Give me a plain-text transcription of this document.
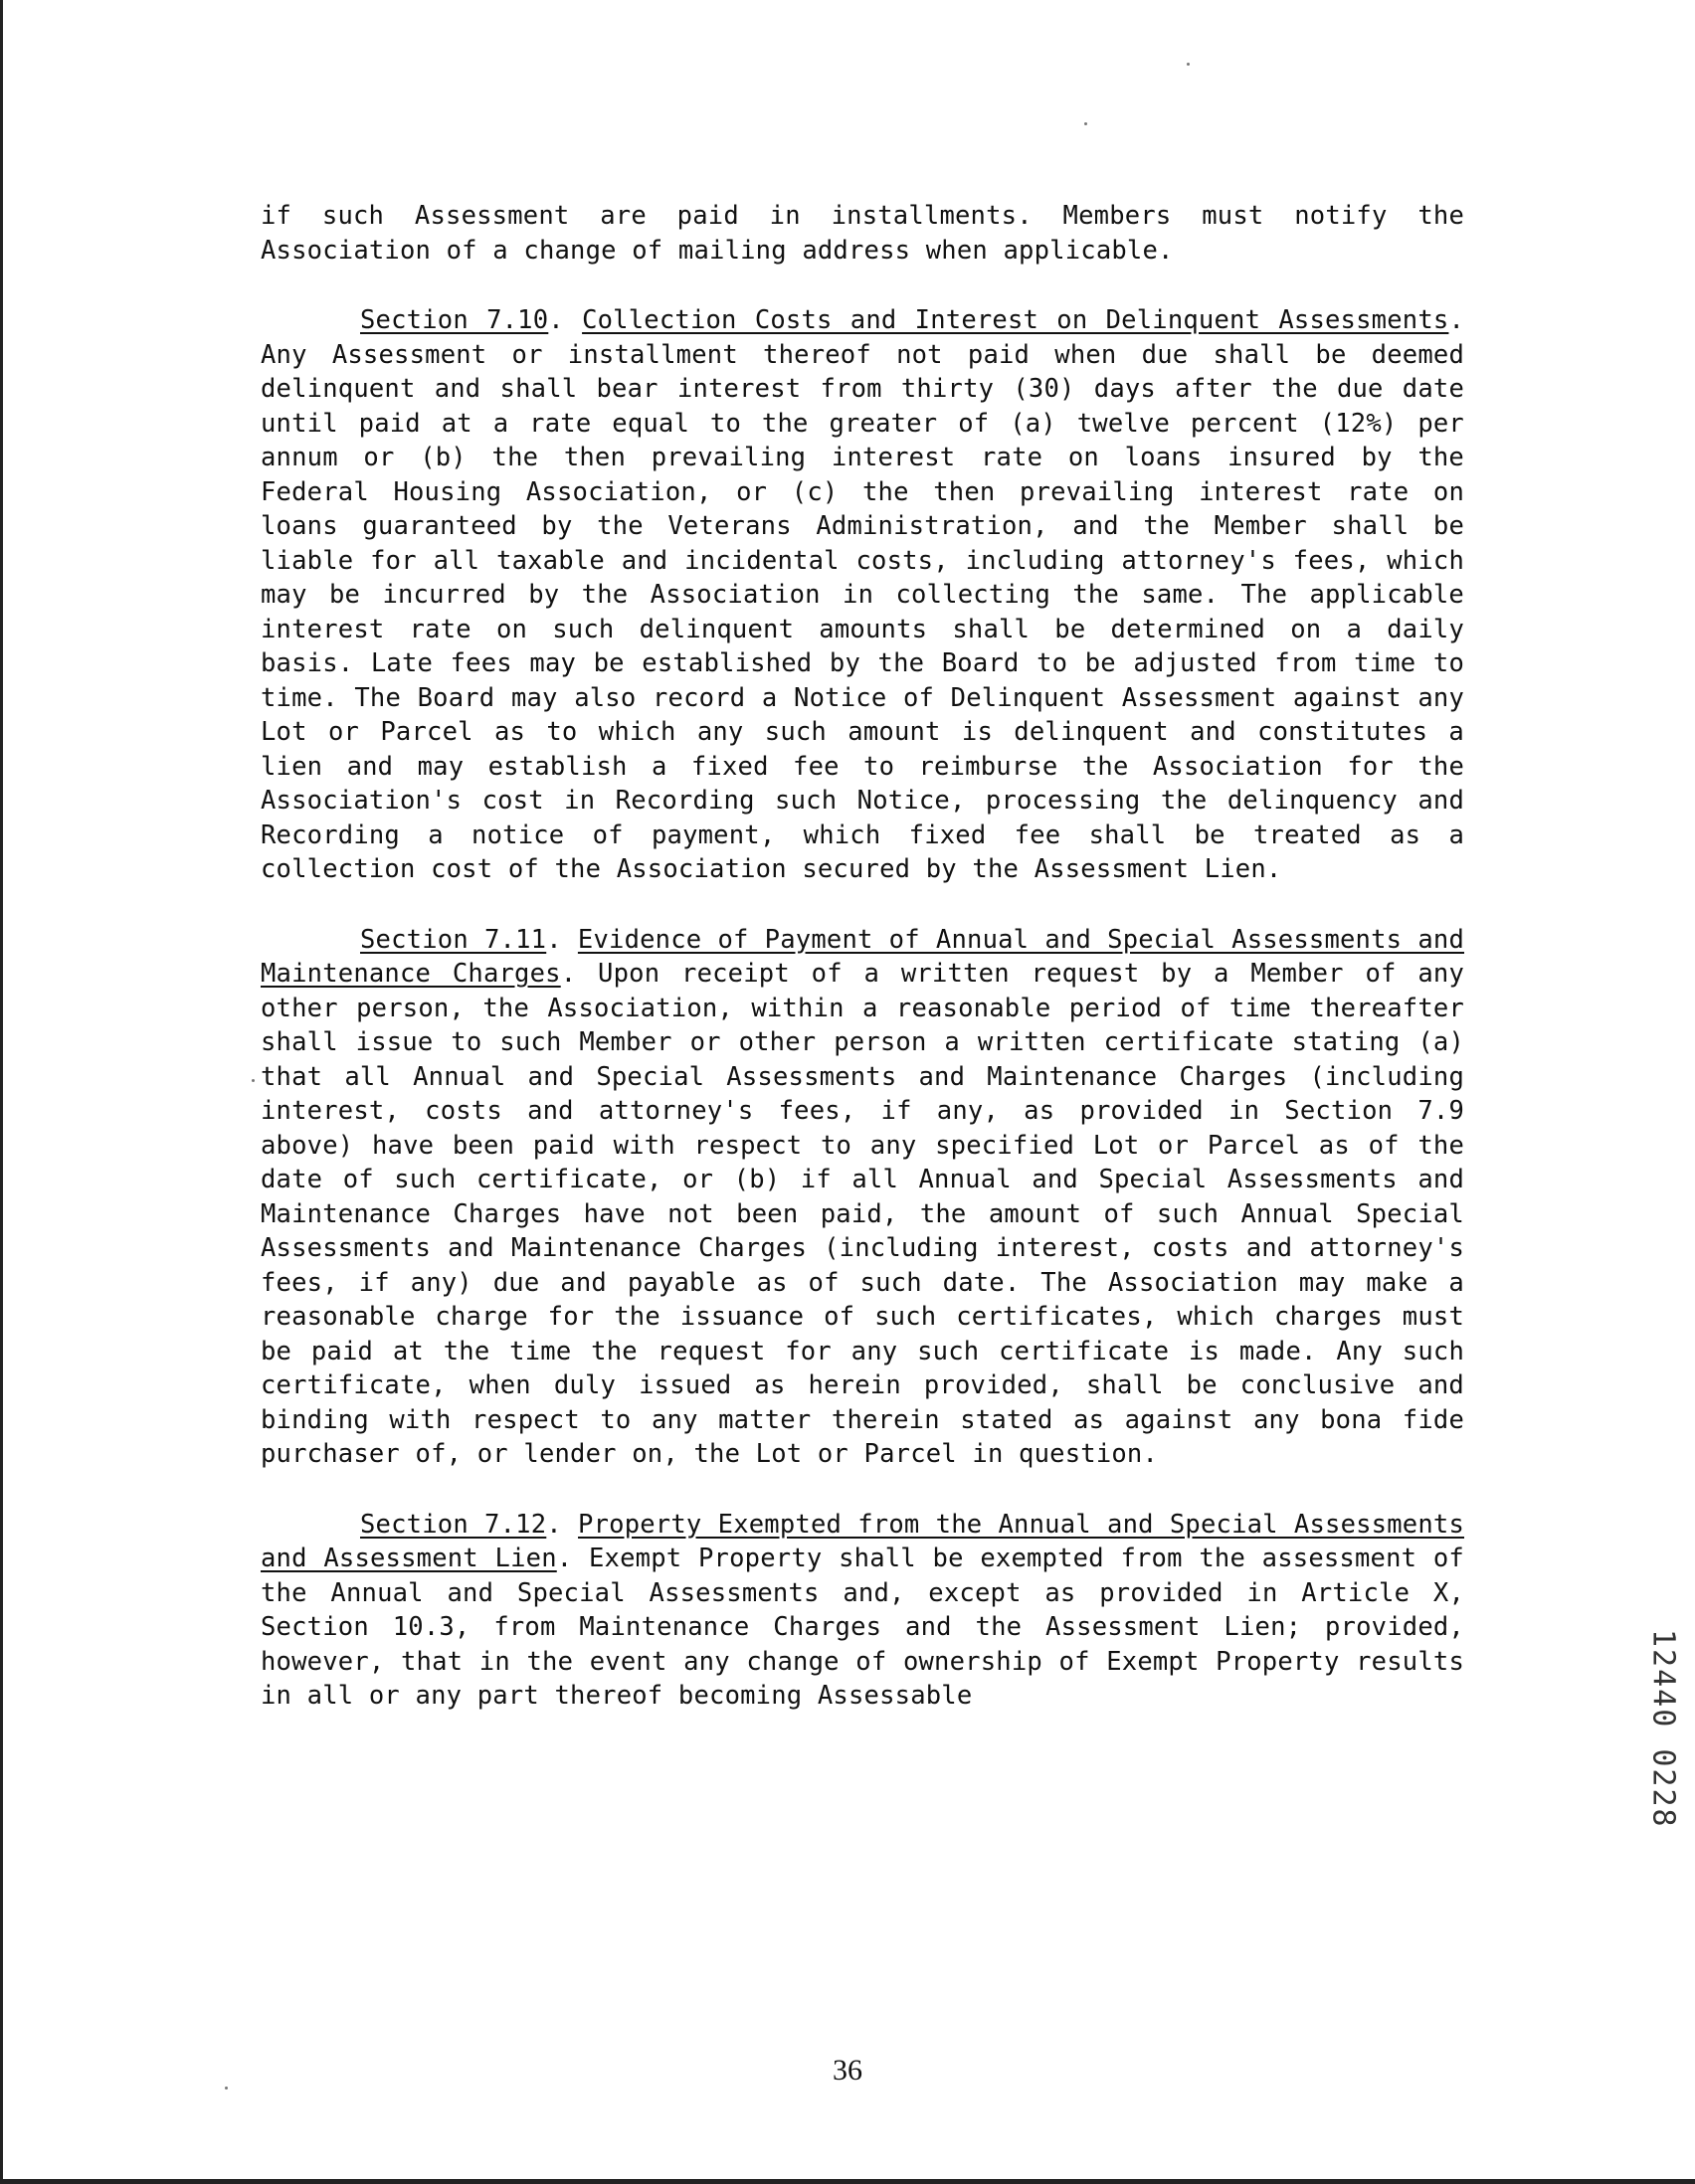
if such Assessment are paid in installments. Members must notify the Association of a change of mailing address when applicable.

Section 7.10. Collection Costs and Interest on Delinquent Assessments. Any Assessment or installment thereof not paid when due shall be deemed delinquent and shall bear interest from thirty (30) days after the due date until paid at a rate equal to the greater of (a) twelve percent (12%) per annum or (b) the then prevailing interest rate on loans insured by the Federal Housing Association, or (c) the then prevailing interest rate on loans guaranteed by the Veterans Administration, and the Member shall be liable for all taxable and incidental costs, including attorney's fees, which may be incurred by the Association in collecting the same. The applicable interest rate on such delinquent amounts shall be determined on a daily basis. Late fees may be established by the Board to be adjusted from time to time. The Board may also record a Notice of Delinquent Assessment against any Lot or Parcel as to which any such amount is delinquent and constitutes a lien and may establish a fixed fee to reimburse the Association for the Association's cost in Recording such Notice, processing the delinquency and Recording a notice of payment, which fixed fee shall be treated as a collection cost of the Association secured by the Assessment Lien.

Section 7.11. Evidence of Payment of Annual and Special Assessments and Maintenance Charges. Upon receipt of a written request by a Member of any other person, the Association, within a reasonable period of time thereafter shall issue to such Member or other person a written certificate stating (a) that all Annual and Special Assessments and Maintenance Charges (including interest, costs and attorney's fees, if any, as provided in Section 7.9 above) have been paid with respect to any specified Lot or Parcel as of the date of such certificate, or (b) if all Annual and Special Assessments and Maintenance Charges have not been paid, the amount of such Annual Special Assessments and Maintenance Charges (including interest, costs and attorney's fees, if any) due and payable as of such date. The Association may make a reasonable charge for the issuance of such certificates, which charges must be paid at the time the request for any such certificate is made. Any such certificate, when duly issued as herein provided, shall be conclusive and binding with respect to any matter therein stated as against any bona fide purchaser of, or lender on, the Lot or Parcel in question.

Section 7.12. Property Exempted from the Annual and Special Assessments and Assessment Lien. Exempt Property shall be exempted from the assessment of the Annual and Special Assessments and, except as provided in Article X, Section 10.3, from Maintenance Charges and the Assessment Lien; provided, however, that in the event any change of ownership of Exempt Property results in all or any part thereof becoming Assessable

36

12440 0228
